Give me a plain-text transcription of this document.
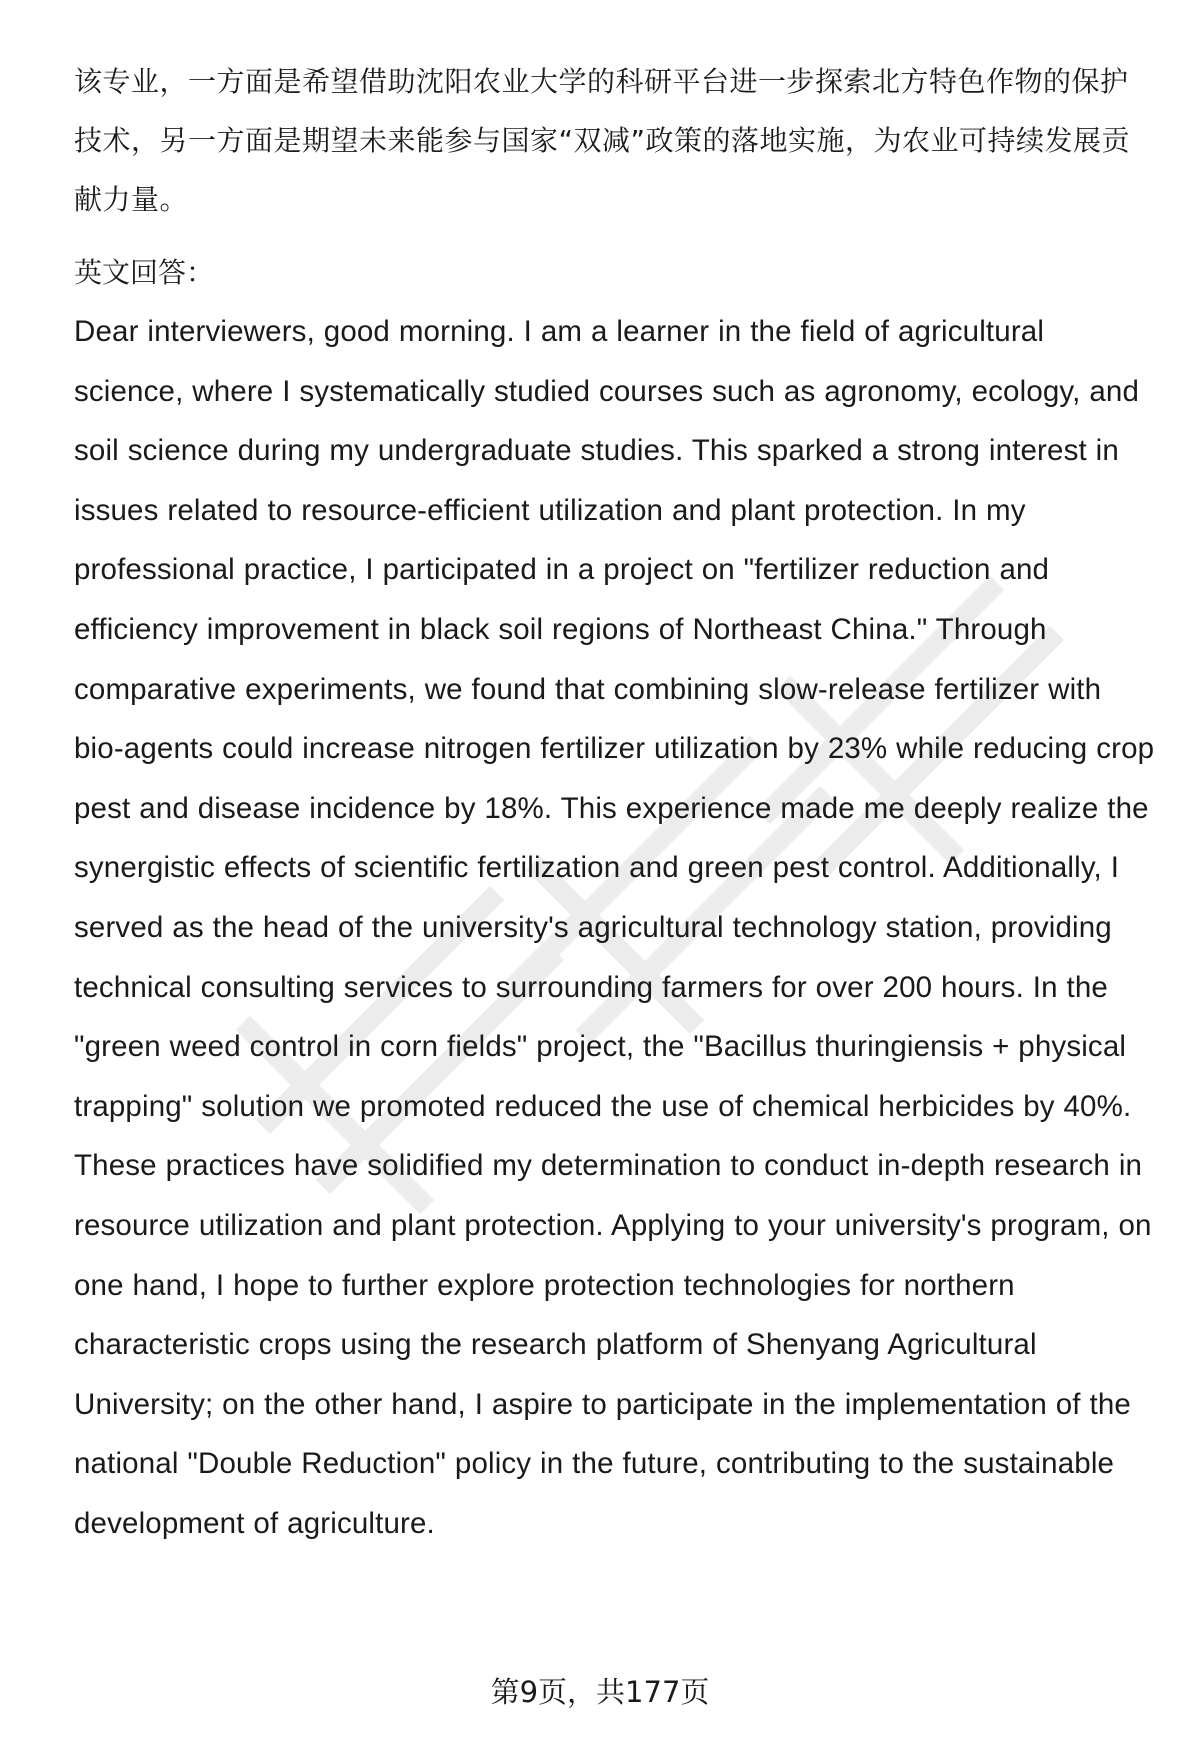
该专业，一方面是希望借助沈阳农业大学的科研平台进一步探索北方特色作物的保护技术，另一方面是期望未来能参与国家“双减”政策的落地实施，为农业可持续发展贡献力量。

英文回答：

Dear interviewers, good morning. I am a learner in the field of agricultural science, where I systematically studied courses such as agronomy, ecology, and soil science during my undergraduate studies. This sparked a strong interest in issues related to resource-efficient utilization and plant protection. In my professional practice, I participated in a project on "fertilizer reduction and efficiency improvement in black soil regions of Northeast China." Through comparative experiments, we found that combining slow-release fertilizer with bio-agents could increase nitrogen fertilizer utilization by 23% while reducing crop pest and disease incidence by 18%. This experience made me deeply realize the synergistic effects of scientific fertilization and green pest control. Additionally, I served as the head of the university's agricultural technology station, providing technical consulting services to surrounding farmers for over 200 hours. In the "green weed control in corn fields" project, the "Bacillus thuringiensis + physical trapping" solution we promoted reduced the use of chemical herbicides by 40%. These practices have solidified my determination to conduct in-depth research in resource utilization and plant protection. Applying to your university's program, on one hand, I hope to further explore protection technologies for northern characteristic crops using the research platform of Shenyang Agricultural University; on the other hand, I aspire to participate in the implementation of the national "Double Reduction" policy in the future, contributing to the sustainable development of agriculture.

第9页，共177页
